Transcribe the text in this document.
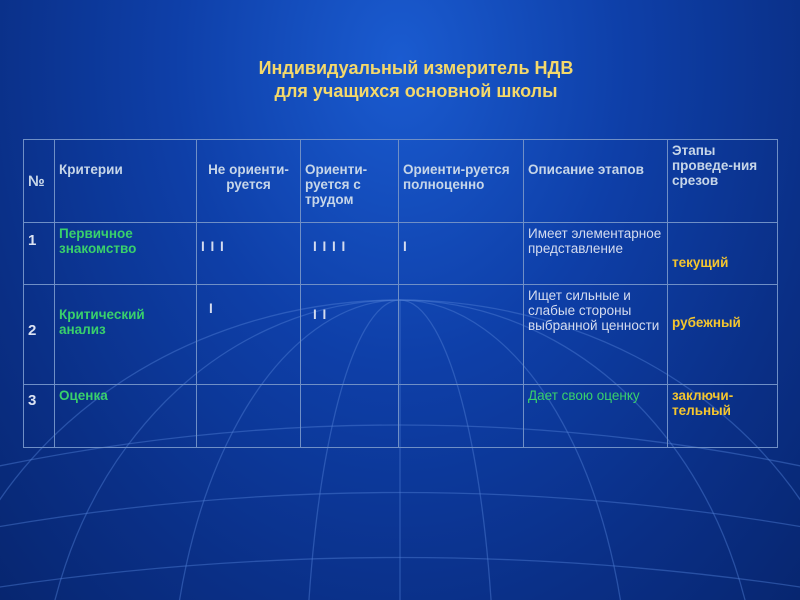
Индивидуальный измеритель НДВ
для учащихся основной школы
№	Критерии	Не ориенти-руется	Ориенти-руется с трудом	Ориенти-руется полноценно	Описание этапов	Этапы проведе-ния срезов
1	Первичное знакомство	I I I	I I I I	I	Имеет элементарное представление	текущий
2	Критический анализ	I	I I		Ищет сильные и слабые стороны выбранной ценности	рубежный
3	Оценка				Дает свою оценку	заключи-тельный
